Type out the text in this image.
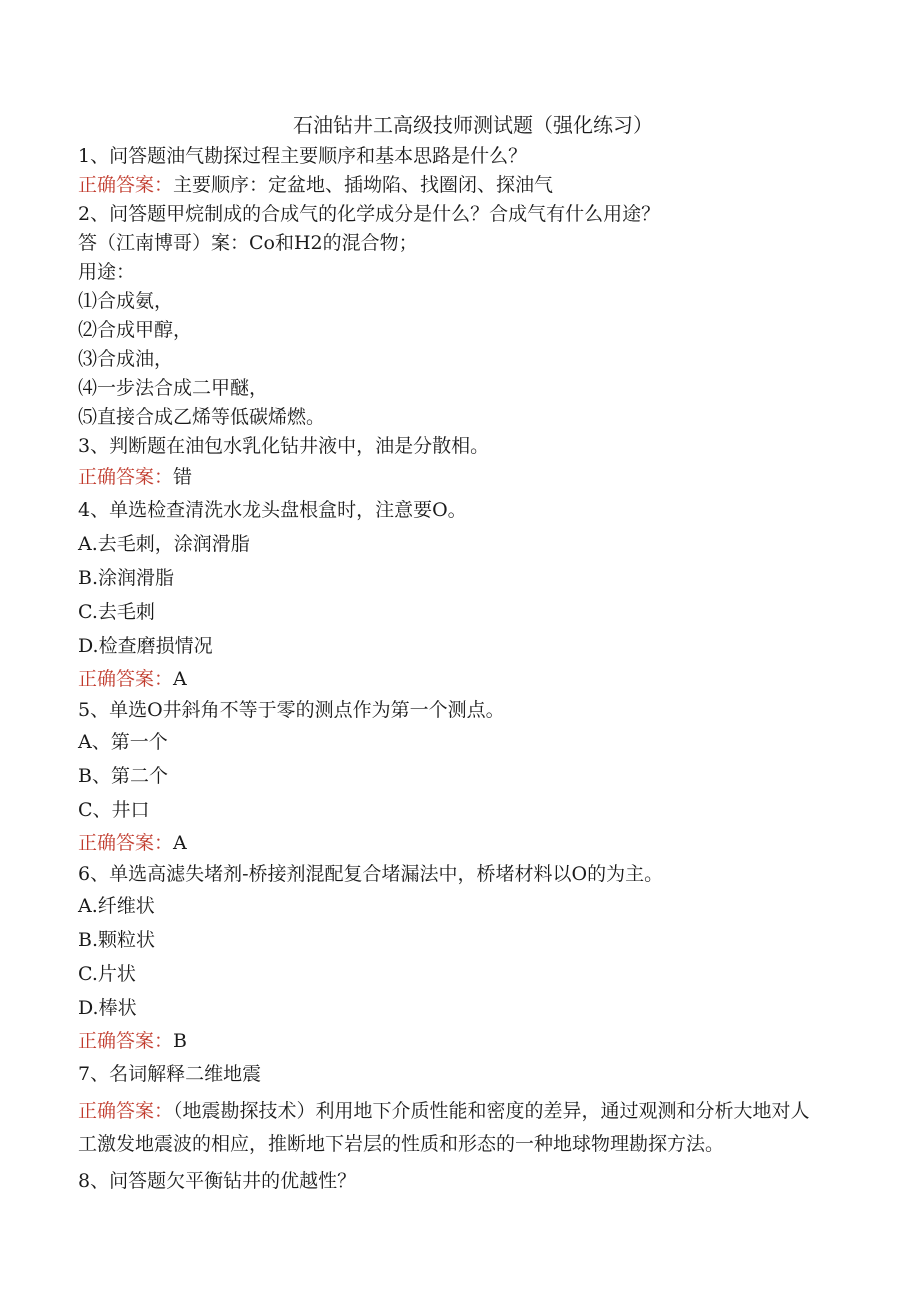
石油钻井工高级技师测试题（强化练习）
1、问答题油气勘探过程主要顺序和基本思路是什么？
正确答案：主要顺序：定盆地、插坳陷、找圈闭、探油气
2、问答题甲烷制成的合成气的化学成分是什么？合成气有什么用途？
答（江南博哥）案：Co和H2的混合物；
用途：
⑴合成氨，
⑵合成甲醇，
⑶合成油，
⑷一步法合成二甲醚，
⑸直接合成乙烯等低碳烯燃。
3、判断题在油包水乳化钻井液中，油是分散相。
正确答案：错
4、单选检查清洗水龙头盘根盒时，注意要O。
A.去毛刺，涂润滑脂
B.涂润滑脂
C.去毛刺
D.检查磨损情况
正确答案：A
5、单选O井斜角不等于零的测点作为第一个测点。
A、第一个
B、第二个
C、井口
正确答案：A
6、单选高滤失堵剂-桥接剂混配复合堵漏法中，桥堵材料以O的为主。
A.纤维状
B.颗粒状
C.片状
D.棒状
正确答案：B
7、名词解释二维地震
正确答案：（地震勘探技术）利用地下介质性能和密度的差异，通过观测和分析大地对人工激发地震波的相应，推断地下岩层的性质和形态的一种地球物理勘探方法。
8、问答题欠平衡钻井的优越性？
